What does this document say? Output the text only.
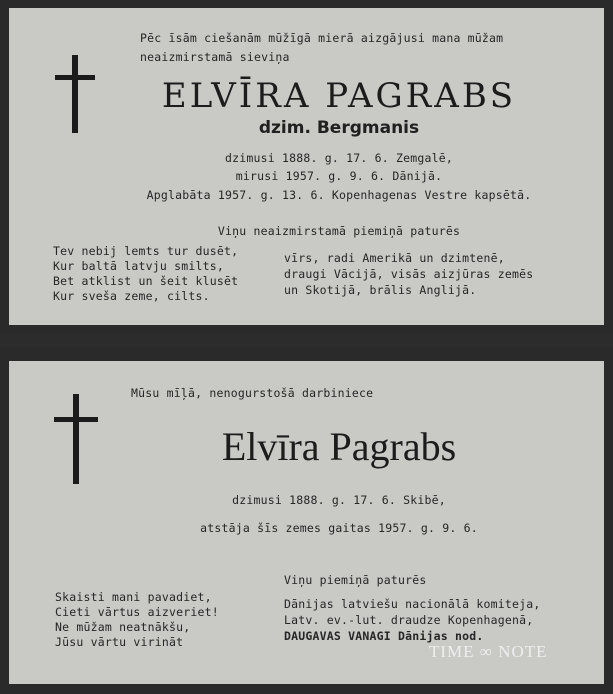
Pēc īsām ciešanām mūžīgā mierā aizgājusi mana mūžam
neaizmirstamā sieviņa
ELVĪRA PAGRABS
dzim. Bergmanis
dzimusi 1888. g. 17. 6. Zemgalē,
mirusi 1957. g. 9. 6. Dānijā.
Apglabāta 1957. g. 13. 6. Kopenhagenas Vestre kapsētā.
Viņu neaizmirstamā piemiņā paturēs
Tev nebij lemts tur dusēt,
Kur baltā latvju smilts,
Bet atklist un šeit klusēt
Kur sveša zeme, cilts.
vīrs, radi Amerikā un dzimtenē,
draugi Vācijā, visās aizjūras zemēs
un Skotijā, brālis Anglijā.
Mūsu mīļā, nenogurstošā darbiniece
Elvīra Pagrabs
dzimusi 1888. g. 17. 6. Skibē,
atstāja šīs zemes gaitas 1957. g. 9. 6.
Skaisti mani pavadiet,
Cieti vārtus aizveriet!
Ne mūžam neatnākšu,
Jūsu vārtu virināt
Viņu piemiņā paturēs
Dānijas latviešu nacionālā komiteja,
Latv. ev.-lut. draudze Kopenhagenā,
DAUGAVAS VANAGI Dānijas nod.
TIME ∞ NOTE
